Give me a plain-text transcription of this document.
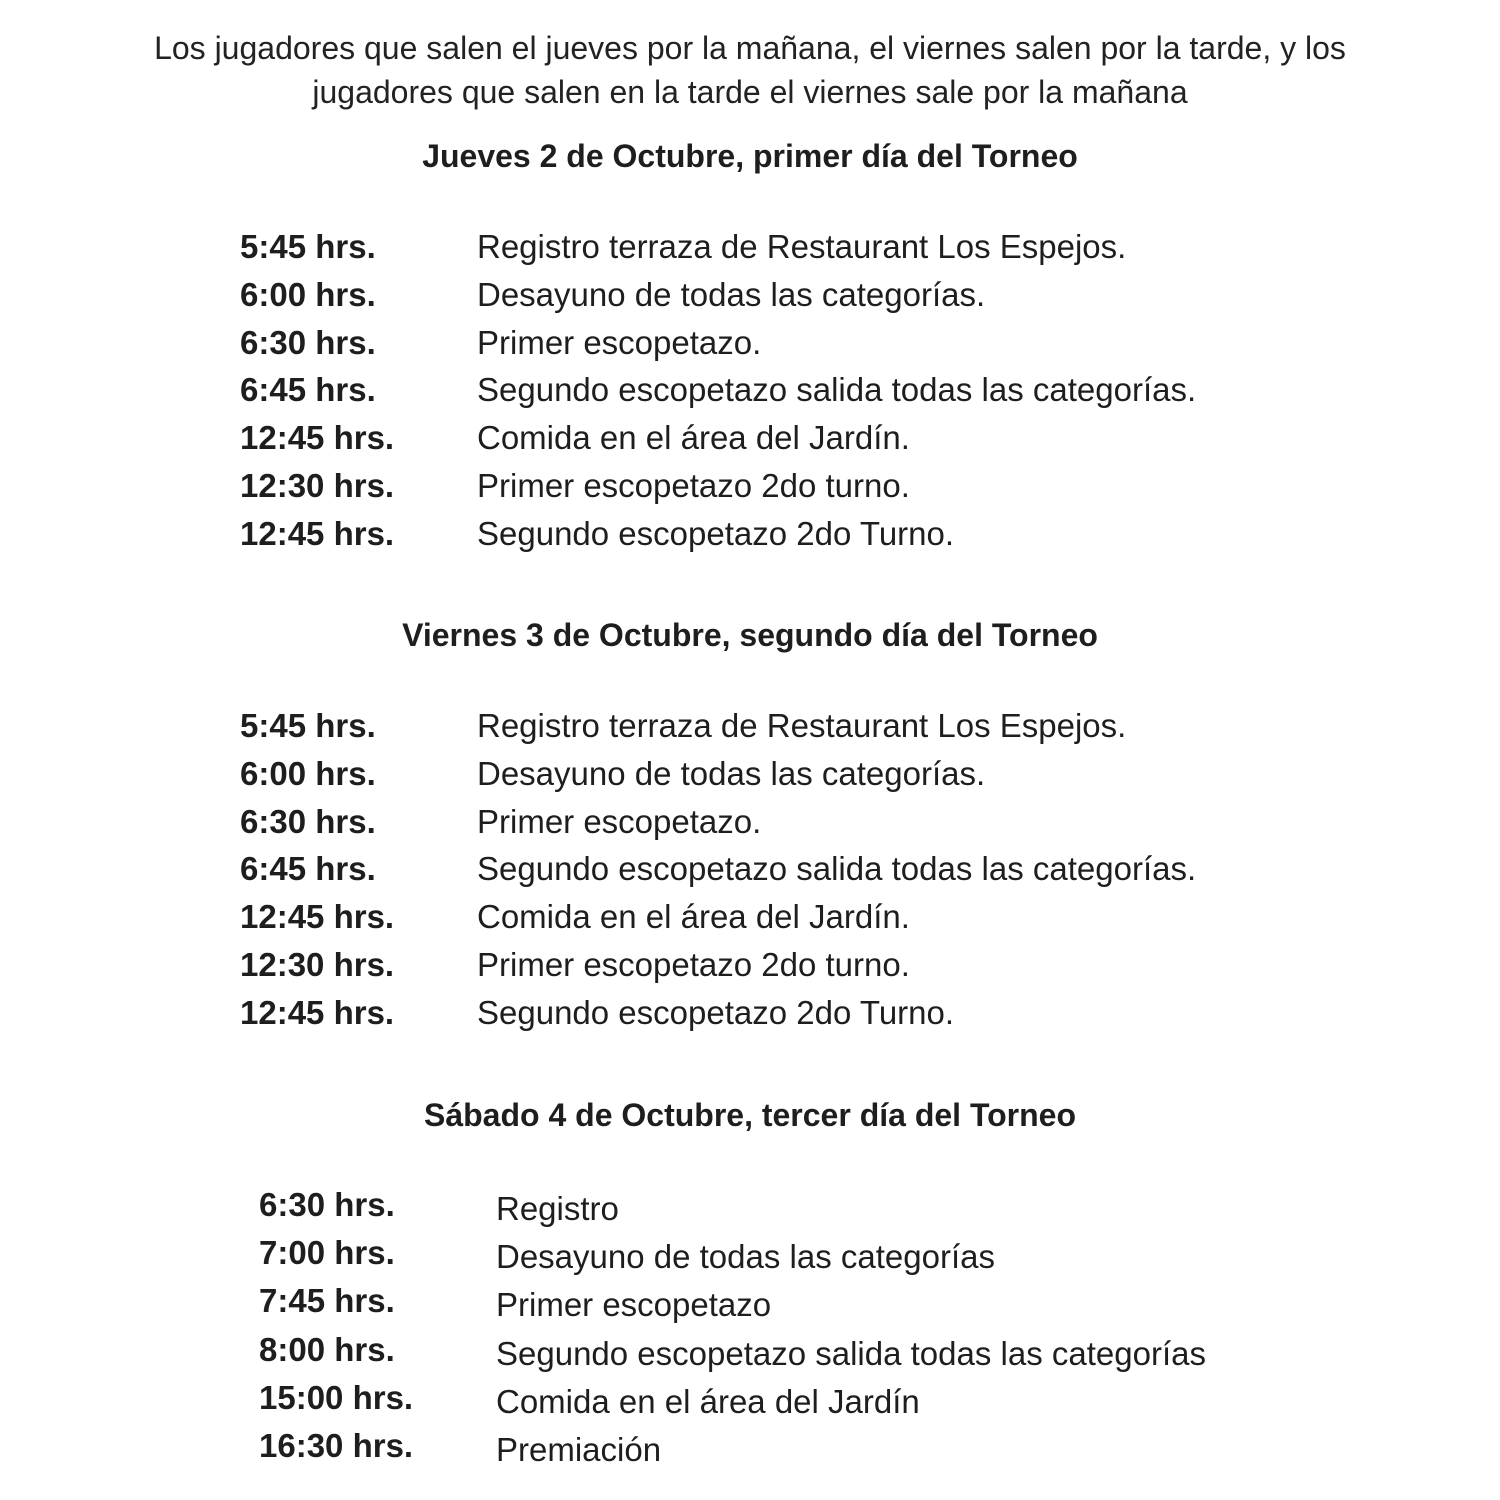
Los jugadores que salen el jueves por la mañana, el viernes salen por la tarde, y los
jugadores que salen en la tarde el viernes sale por la mañana
Jueves 2 de Octubre, primer día del Torneo
5:45 hrs.	Registro terraza de Restaurant Los Espejos.
6:00 hrs.	Desayuno de todas las categorías.
6:30 hrs.	Primer escopetazo.
6:45 hrs.	Segundo escopetazo salida todas las categorías.
12:45 hrs.	Comida en el área del Jardín.
12:30 hrs.	Primer escopetazo 2do turno.
12:45 hrs.	Segundo escopetazo 2do Turno.
Viernes 3 de Octubre, segundo día del Torneo
5:45 hrs.	Registro terraza de Restaurant Los Espejos.
6:00 hrs.	Desayuno de todas las categorías.
6:30 hrs.	Primer escopetazo.
6:45 hrs.	Segundo escopetazo salida todas las categorías.
12:45 hrs.	Comida en el área del Jardín.
12:30 hrs.	Primer escopetazo 2do turno.
12:45 hrs.	Segundo escopetazo 2do Turno.
Sábado 4 de Octubre, tercer día del Torneo
6:30 hrs.	Registro
7:00 hrs.	Desayuno de todas las categorías
7:45 hrs.	Primer escopetazo
8:00 hrs.	Segundo escopetazo salida todas las categorías
15:00 hrs.	Comida en el área del Jardín
16:30 hrs.	Premiación
